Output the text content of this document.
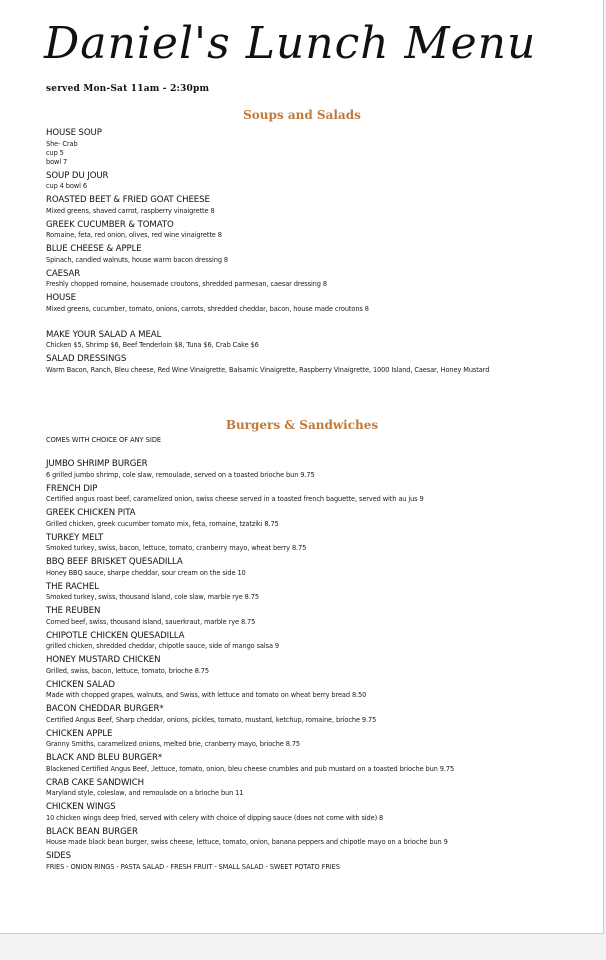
Daniel's Lunch Menu
served Mon-Sat 11am - 2:30pm
Soups and Salads
HOUSE SOUP
She- Crab
cup 5
bowl 7
SOUP DU JOUR
cup 4 bowl 6
ROASTED BEET & FRIED GOAT CHEESE
Mixed greens, shaved carrot, raspberry vinaigrette 8
GREEK CUCUMBER & TOMATO
Romaine, feta, red onion, olives, red wine vinaigrette 8
BLUE CHEESE & APPLE
Spinach, candied walnuts, house warm bacon dressing 8
CAESAR
Freshly chopped romaine, housemade croutons, shredded parmesan, caesar dressing 8
HOUSE
Mixed greens, cucumber, tomato, onions, carrots, shredded cheddar, bacon, house made croutons 8
MAKE YOUR SALAD A MEAL
Chicken $5, Shrimp $6, Beef Tenderloin $8, Tuna $6, Crab Cake $6
SALAD DRESSINGS
Warm Bacon, Ranch, Bleu cheese, Red Wine Vinaigrette, Balsamic Vinaigrette, Raspberry Vinaigrette, 1000 Island, Caesar, Honey Mustard
Burgers & Sandwiches
COMES WITH CHOICE OF ANY SIDE
JUMBO SHRIMP BURGER
6 grilled jumbo shrimp, cole slaw, remoulade, served on a toasted brioche bun 9.75
FRENCH DIP
Certified angus roast beef, caramelized onion, swiss cheese served in a toasted french baguette, served with au jus 9
GREEK CHICKEN PITA
Grilled chicken, greek cucumber tomato mix, feta, romaine, tzatziki 8.75
TURKEY MELT
Smoked turkey, swiss, bacon, lettuce, tomato, cranberry mayo, wheat berry 8.75
BBQ BEEF BRISKET QUESADILLA
Honey BBQ sauce, sharpe cheddar, sour cream on the side 10
THE RACHEL
Smoked turkey, swiss, thousand island, cole slaw, marble rye 8.75
THE REUBEN
Corned beef, swiss, thousand island, sauerkraut, marble rye 8.75
CHIPOTLE CHICKEN QUESADILLA
grilled chicken, shredded cheddar, chipotle sauce, side of mango salsa 9
HONEY MUSTARD CHICKEN
Grilled, swiss, bacon, lettuce, tomato, brioche 8.75
CHICKEN SALAD
Made with chopped grapes, walnuts, and Swiss, with lettuce and tomato on wheat berry bread 8.50
BACON CHEDDAR BURGER*
Certified Angus Beef, Sharp cheddar, onions, pickles, tomato, mustard, ketchup, romaine, brioche 9.75
CHICKEN APPLE
Granny Smiths, caramelized onions, melted brie, cranberry mayo, brioche 8.75
BLACK AND BLEU BURGER*
Blackened Certified Angus Beef, ,lettuce, tomato, onion, bleu cheese crumbles and pub mustard on a toasted brioche bun 9.75
CRAB CAKE SANDWICH
Maryland style, coleslaw, and remoulade on a brioche bun 11
CHICKEN WINGS
10 chicken wings deep fried, served with celery with choice of dipping sauce (does not come with side) 8
BLACK BEAN BURGER
House made black bean burger, swiss cheese, lettuce, tomato, onion, banana peppers and chipotle mayo on a brioche bun 9
SIDES
FRIES - ONION RINGS - PASTA SALAD - FRESH FRUIT - SMALL SALAD - SWEET POTATO FRIES
